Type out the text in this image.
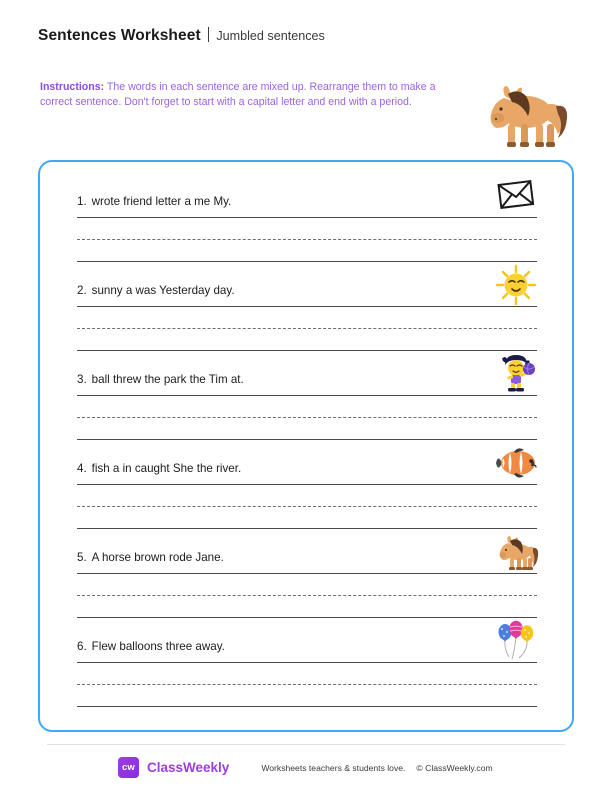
Sentences Worksheet Jumbled sentences
Instructions: The words in each sentence are mixed up. Rearrange them to make a correct sentence. Don't forget to start with a capital letter and end with a period.
1. wrote friend letter a me My.
2. sunny a was Yesterday day.
3. ball threw the park the Tim at.
4. fish a in caught She the river.
5. A horse brown rode Jane.
6. Flew balloons three away.
cw ClassWeekly	Worksheets teachers & students love. © ClassWeekly.com
